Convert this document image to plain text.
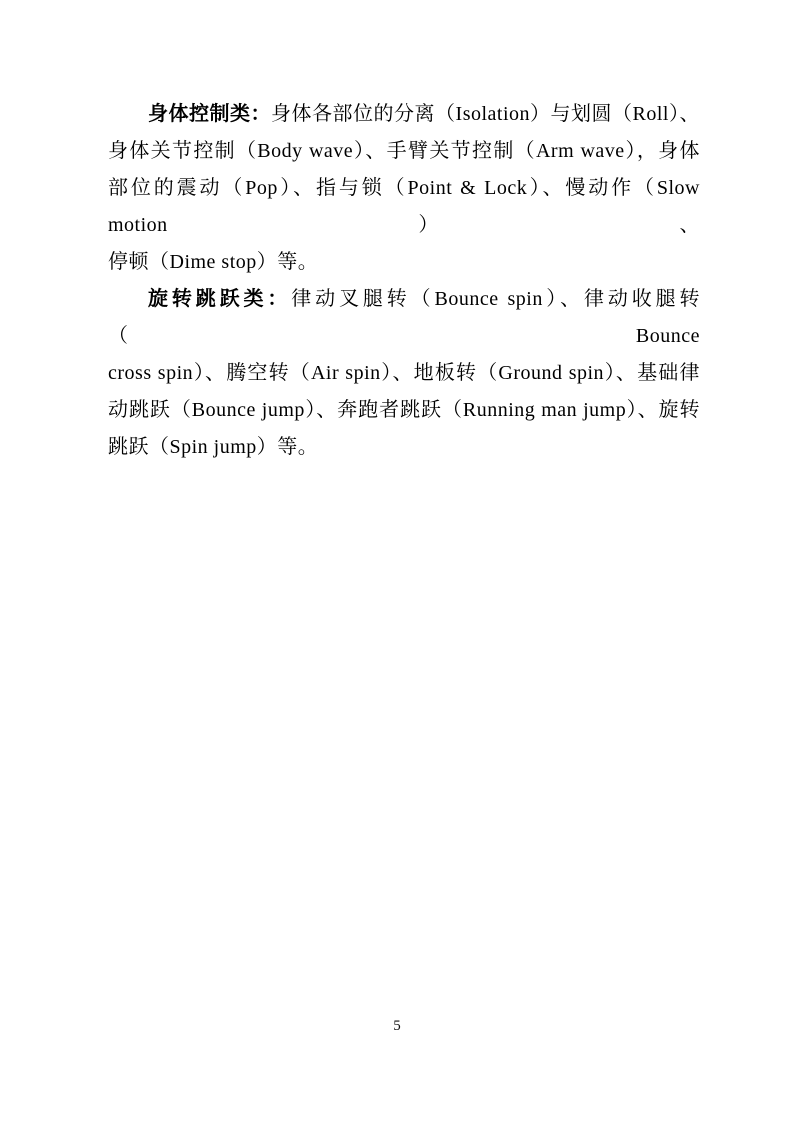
身体控制类：身体各部位的分离（Isolation）与划圆（Roll）、
身体关节控制（Body wave）、手臂关节控制（Arm wave），身体
部位的震动（Pop）、指与锁（Point & Lock）、慢动作（Slow motion）、
停顿（Dime stop）等。
旋转跳跃类：律动叉腿转（Bounce spin）、律动收腿转（Bounce
cross spin）、腾空转（Air spin）、地板转（Ground spin）、基础律
动跳跃（Bounce jump）、奔跑者跳跃（Running man jump）、旋转
跳跃（Spin jump）等。
5
